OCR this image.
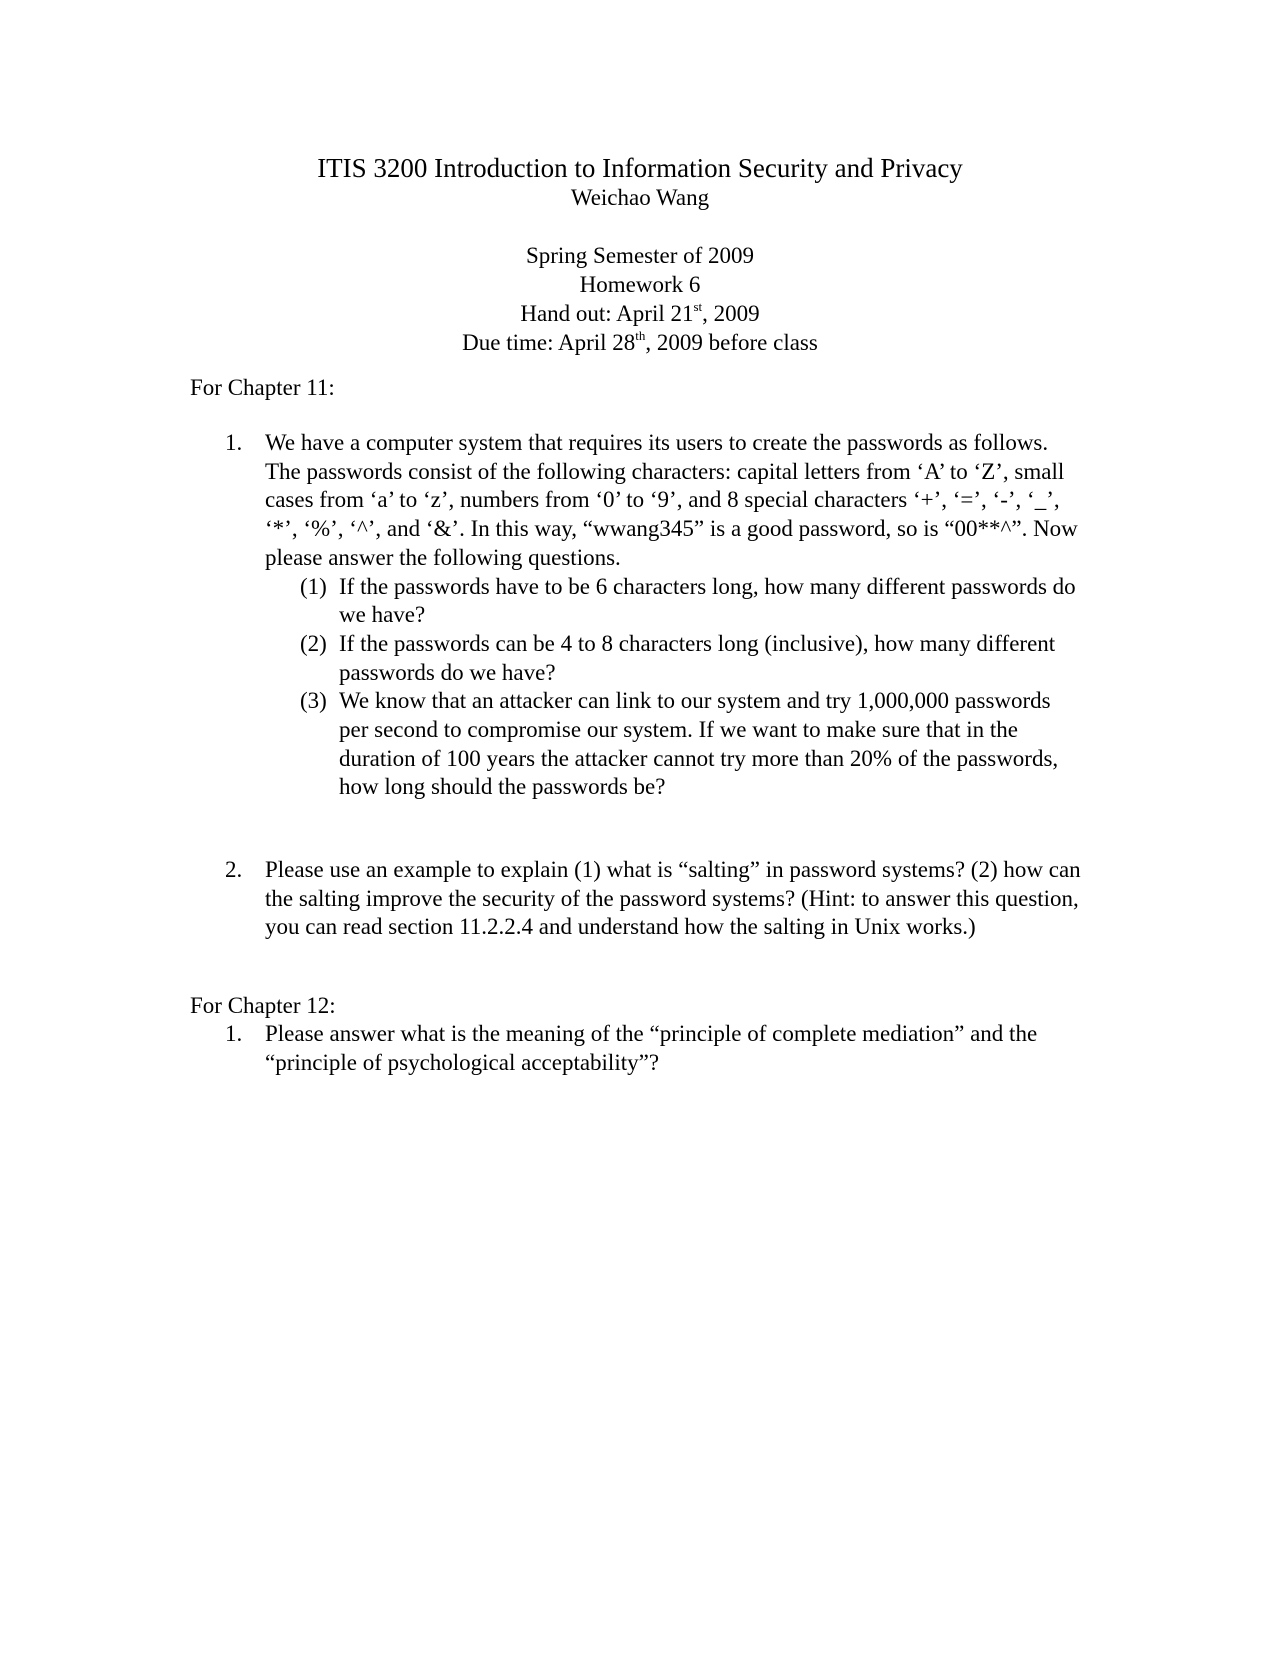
ITIS 3200 Introduction to Information Security and Privacy
Weichao Wang
Spring Semester of 2009
Homework 6
Hand out: April 21st, 2009
Due time: April 28th, 2009 before class
For Chapter 11:
1. We have a computer system that requires its users to create the passwords as follows. The passwords consist of the following characters: capital letters from ‘A’ to ‘Z’, small cases from ‘a’ to ‘z’, numbers from ‘0’ to ‘9’, and 8 special characters ‘+’, ‘=’, ‘-’, ‘_’, ‘*’, ‘%’, ‘^’, and ‘&’. In this way, “wwang345” is a good password, so is “00**^”. Now please answer the following questions.
(1) If the passwords have to be 6 characters long, how many different passwords do we have?
(2) If the passwords can be 4 to 8 characters long (inclusive), how many different passwords do we have?
(3) We know that an attacker can link to our system and try 1,000,000 passwords per second to compromise our system. If we want to make sure that in the duration of 100 years the attacker cannot try more than 20% of the passwords, how long should the passwords be?
2. Please use an example to explain (1) what is “salting” in password systems? (2) how can the salting improve the security of the password systems? (Hint: to answer this question, you can read section 11.2.2.4 and understand how the salting in Unix works.)
For Chapter 12:
1. Please answer what is the meaning of the “principle of complete mediation” and the “principle of psychological acceptability”?
